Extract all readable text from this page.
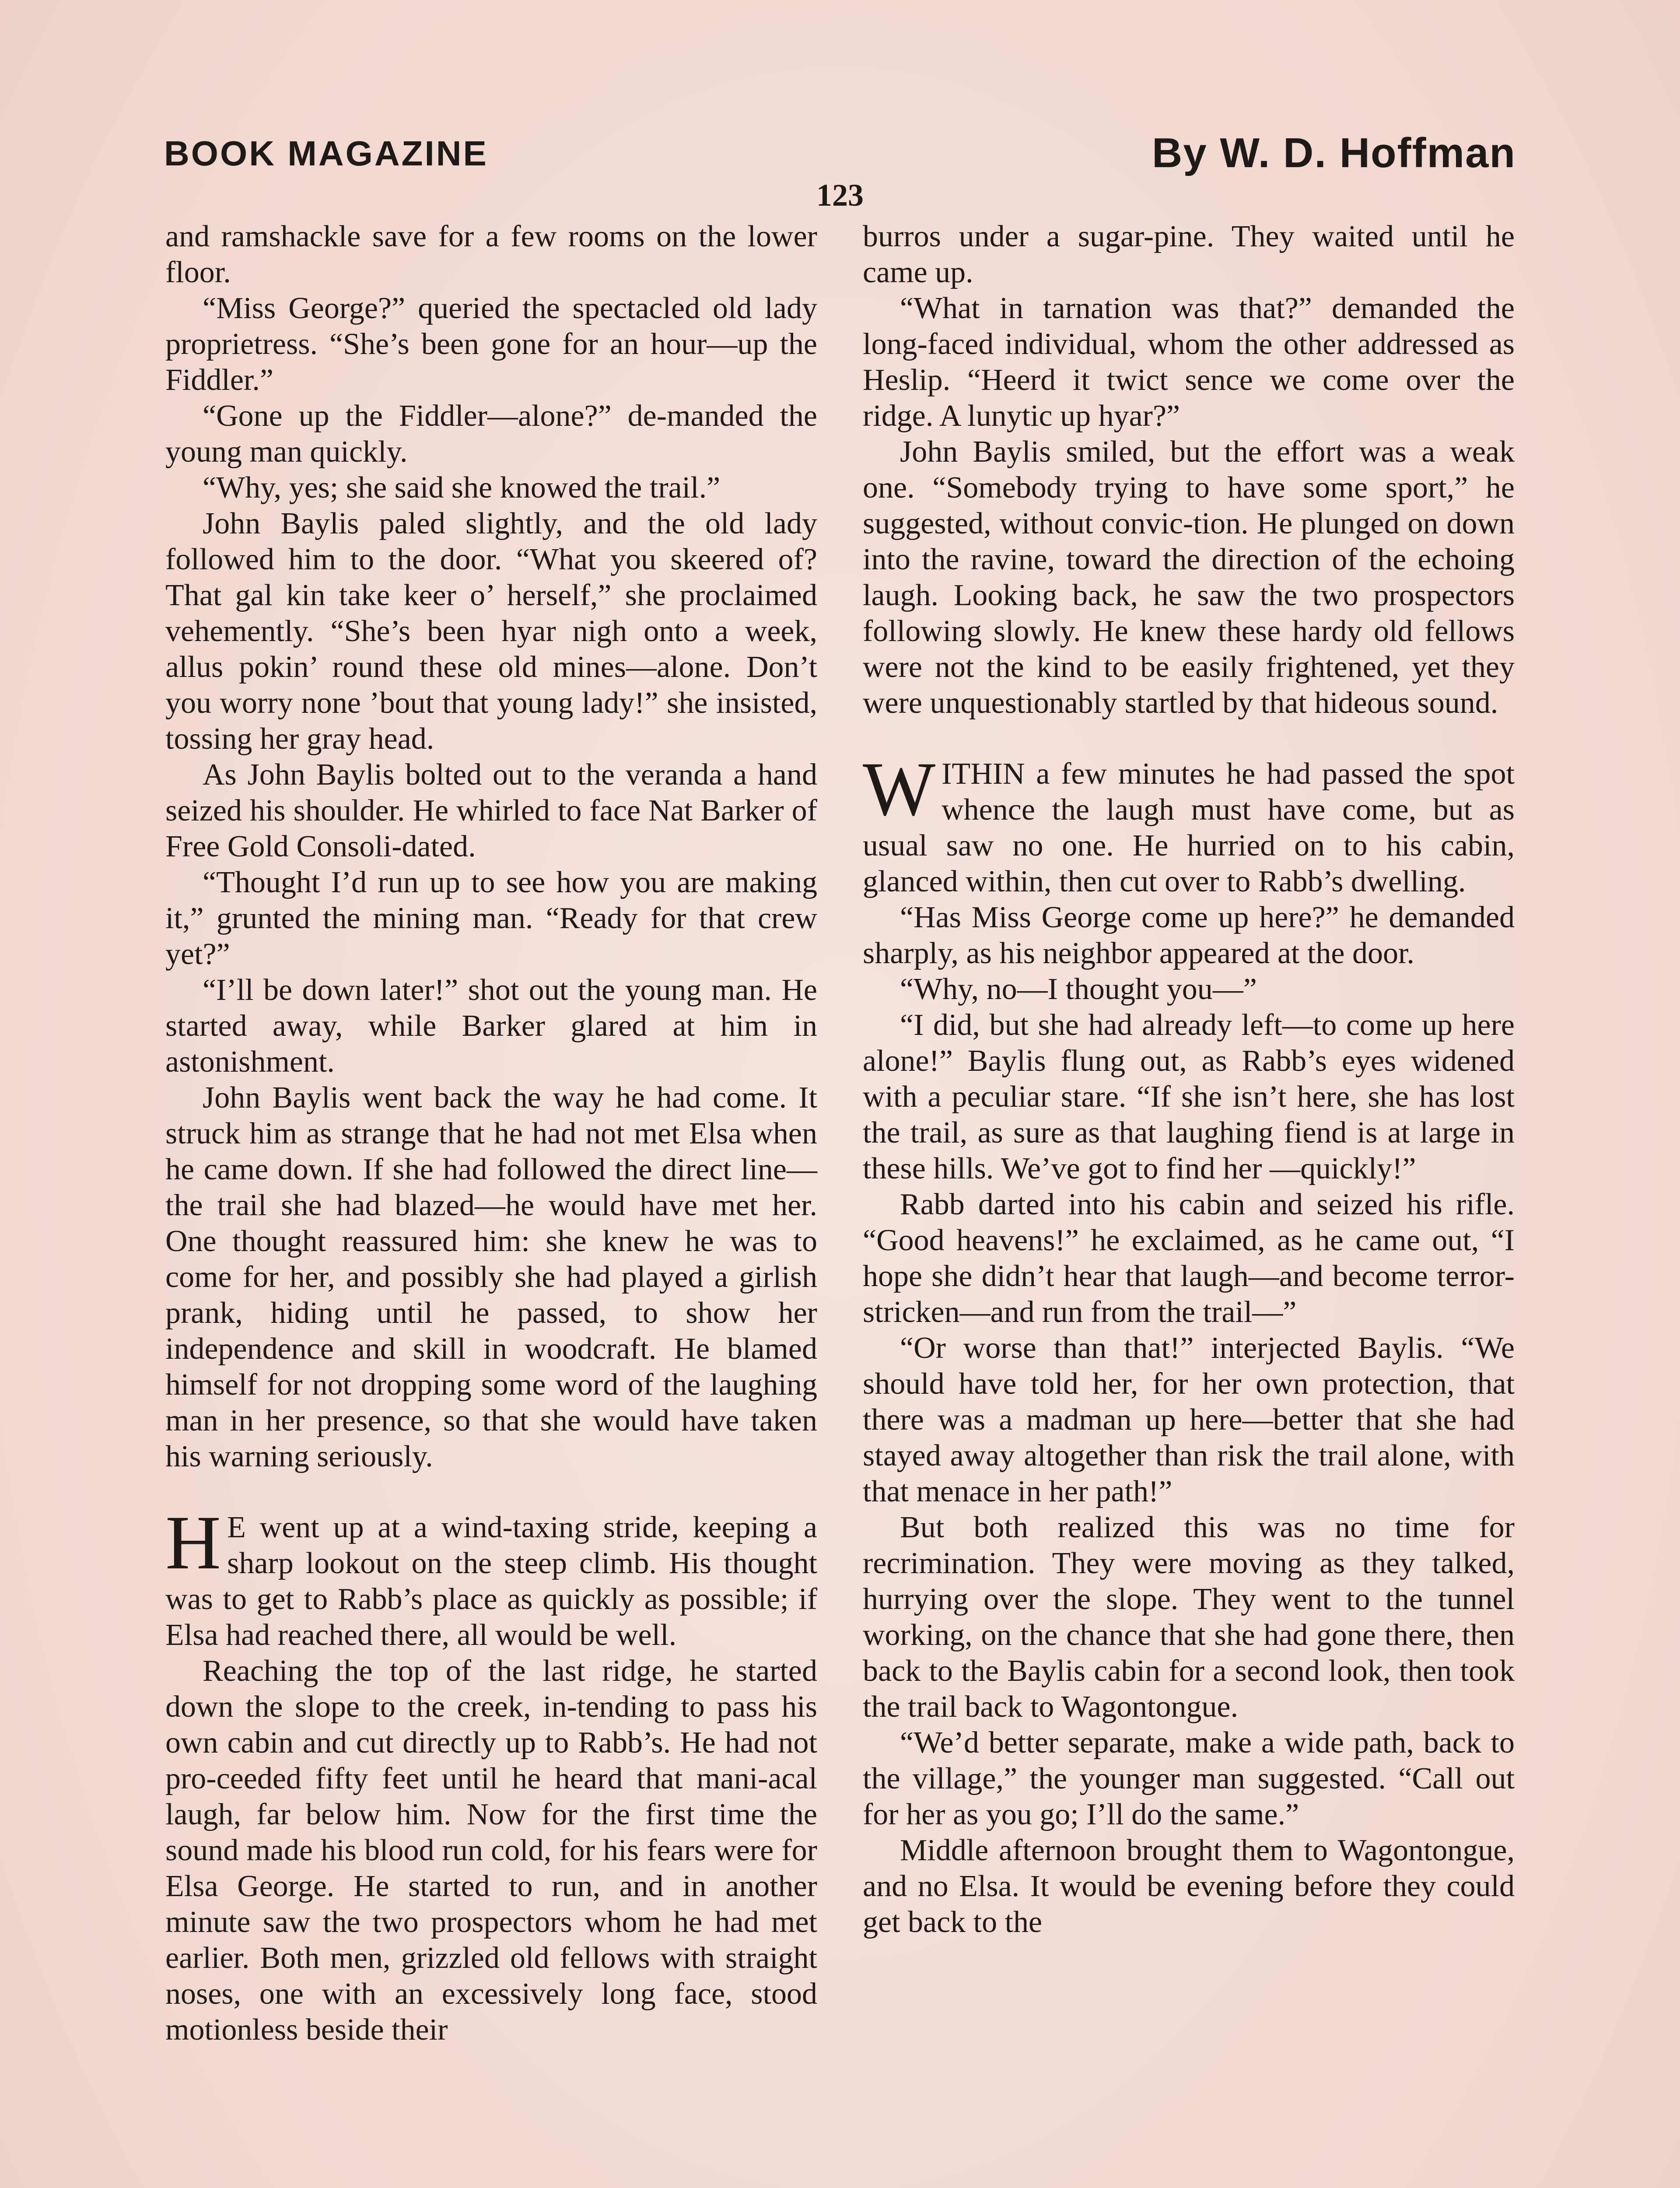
BOOK MAGAZINE	By W. D. Hoffman
123

and ramshackle save for a few rooms on the lower floor.

“Miss George?” queried the spectacled old lady proprietress. “She’s been gone for an hour—up the Fiddler.”

“Gone up the Fiddler—alone?” de-manded the young man quickly.

“Why, yes; she said she knowed the trail.”

John Baylis paled slightly, and the old lady followed him to the door. “What you skeered of? That gal kin take keer o’ herself,” she proclaimed vehemently. “She’s been hyar nigh onto a week, allus pokin’ round these old mines—alone. Don’t you worry none ’bout that young lady!” she insisted, tossing her gray head.

As John Baylis bolted out to the veranda a hand seized his shoulder. He whirled to face Nat Barker of Free Gold Consoli-dated.

“Thought I’d run up to see how you are making it,” grunted the mining man. “Ready for that crew yet?”

“I’ll be down later!” shot out the young man. He started away, while Barker glared at him in astonishment.

John Baylis went back the way he had come. It struck him as strange that he had not met Elsa when he came down. If she had followed the direct line—the trail she had blazed—he would have met her. One thought reassured him: she knew he was to come for her, and possibly she had played a girlish prank, hiding until he passed, to show her independence and skill in woodcraft. He blamed himself for not dropping some word of the laughing man in her presence, so that she would have taken his warning seriously.

H E went up at a wind-taxing stride, keeping a sharp lookout on the steep climb. His thought was to get to Rabb’s place as quickly as possible; if Elsa had reached there, all would be well.

Reaching the top of the last ridge, he started down the slope to the creek, in-tending to pass his own cabin and cut directly up to Rabb’s. He had not pro-ceeded fifty feet until he heard that mani-acal laugh, far below him. Now for the first time the sound made his blood run cold, for his fears were for Elsa George. He started to run, and in another minute saw the two prospectors whom he had met earlier. Both men, grizzled old fellows with straight noses, one with an excessively long face, stood motionless beside their

burros under a sugar-pine. They waited until he came up.

“What in tarnation was that?” demanded the long-faced individual, whom the other addressed as Heslip. “Heerd it twict sence we come over the ridge. A lunytic up hyar?”

John Baylis smiled, but the effort was a weak one. “Somebody trying to have some sport,” he suggested, without convic-tion. He plunged on down into the ravine, toward the direction of the echoing laugh. Looking back, he saw the two prospectors following slowly. He knew these hardy old fellows were not the kind to be easily frightened, yet they were unquestionably startled by that hideous sound.

WITHIN a few minutes he had passed the spot whence the laugh must have come, but as usual saw no one. He hurried on to his cabin, glanced within, then cut over to Rabb’s dwelling.

“Has Miss George come up here?” he demanded sharply, as his neighbor appeared at the door.

“Why, no—I thought you—”

“I did, but she had already left—to come up here alone!” Baylis flung out, as Rabb’s eyes widened with a peculiar stare. “If she isn’t here, she has lost the trail, as sure as that laughing fiend is at large in these hills. We’ve got to find her —quickly!”

Rabb darted into his cabin and seized his rifle. “Good heavens!” he exclaimed, as he came out, “I hope she didn’t hear that laugh—and become terror-stricken—and run from the trail—”

“Or worse than that!” interjected Baylis. “We should have told her, for her own protection, that there was a madman up here—better that she had stayed away altogether than risk the trail alone, with that menace in her path!”

But both realized this was no time for recrimination. They were moving as they talked, hurrying over the slope. They went to the tunnel working, on the chance that she had gone there, then back to the Baylis cabin for a second look, then took the trail back to Wagontongue.

“We’d better separate, make a wide path, back to the village,” the younger man suggested. “Call out for her as you go; I’ll do the same.”

Middle afternoon brought them to Wagontongue, and no Elsa. It would be evening before they could get back to the
